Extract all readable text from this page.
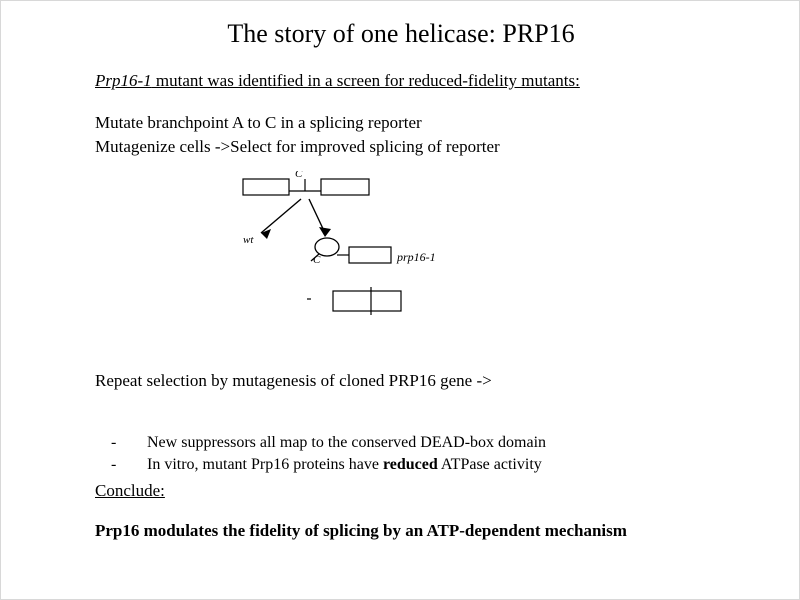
The story of one helicase: PRP16
Prp16-1 mutant was identified in a screen for reduced-fidelity mutants:
Mutate branchpoint A to C in a splicing reporter
Mutagenize cells ->Select for improved splicing of reporter
C
wt
C	prp16-1
Repeat selection by mutagenesis of cloned PRP16 gene ->

- New suppressors all map to the conserved DEAD-box domain

- In vitro, mutant Prp16 proteins have reduced ATPase activity

Conclude:
Prp16 modulates the fidelity of splicing by an ATP-dependent mechanism
